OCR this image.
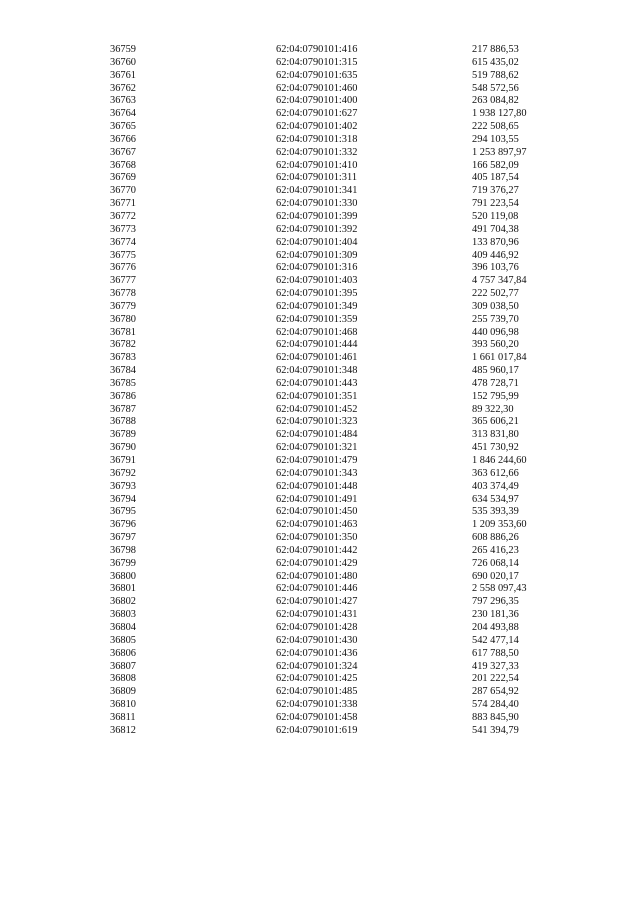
36759	62:04:0790101:416	217 886,53
36760	62:04:0790101:315	615 435,02
36761	62:04:0790101:635	519 788,62
36762	62:04:0790101:460	548 572,56
36763	62:04:0790101:400	263 084,82
36764	62:04:0790101:627	1 938 127,80
36765	62:04:0790101:402	222 508,65
36766	62:04:0790101:318	294 103,55
36767	62:04:0790101:332	1 253 897,97
36768	62:04:0790101:410	166 582,09
36769	62:04:0790101:311	405 187,54
36770	62:04:0790101:341	719 376,27
36771	62:04:0790101:330	791 223,54
36772	62:04:0790101:399	520 119,08
36773	62:04:0790101:392	491 704,38
36774	62:04:0790101:404	133 870,96
36775	62:04:0790101:309	409 446,92
36776	62:04:0790101:316	396 103,76
36777	62:04:0790101:403	4 757 347,84
36778	62:04:0790101:395	222 502,77
36779	62:04:0790101:349	309 038,50
36780	62:04:0790101:359	255 739,70
36781	62:04:0790101:468	440 096,98
36782	62:04:0790101:444	393 560,20
36783	62:04:0790101:461	1 661 017,84
36784	62:04:0790101:348	485 960,17
36785	62:04:0790101:443	478 728,71
36786	62:04:0790101:351	152 795,99
36787	62:04:0790101:452	89 322,30
36788	62:04:0790101:323	365 606,21
36789	62:04:0790101:484	313 831,80
36790	62:04:0790101:321	451 730,92
36791	62:04:0790101:479	1 846 244,60
36792	62:04:0790101:343	363 612,66
36793	62:04:0790101:448	403 374,49
36794	62:04:0790101:491	634 534,97
36795	62:04:0790101:450	535 393,39
36796	62:04:0790101:463	1 209 353,60
36797	62:04:0790101:350	608 886,26
36798	62:04:0790101:442	265 416,23
36799	62:04:0790101:429	726 068,14
36800	62:04:0790101:480	690 020,17
36801	62:04:0790101:446	2 558 097,43
36802	62:04:0790101:427	797 296,35
36803	62:04:0790101:431	230 181,36
36804	62:04:0790101:428	204 493,88
36805	62:04:0790101:430	542 477,14
36806	62:04:0790101:436	617 788,50
36807	62:04:0790101:324	419 327,33
36808	62:04:0790101:425	201 222,54
36809	62:04:0790101:485	287 654,92
36810	62:04:0790101:338	574 284,40
36811	62:04:0790101:458	883 845,90
36812	62:04:0790101:619	541 394,79
